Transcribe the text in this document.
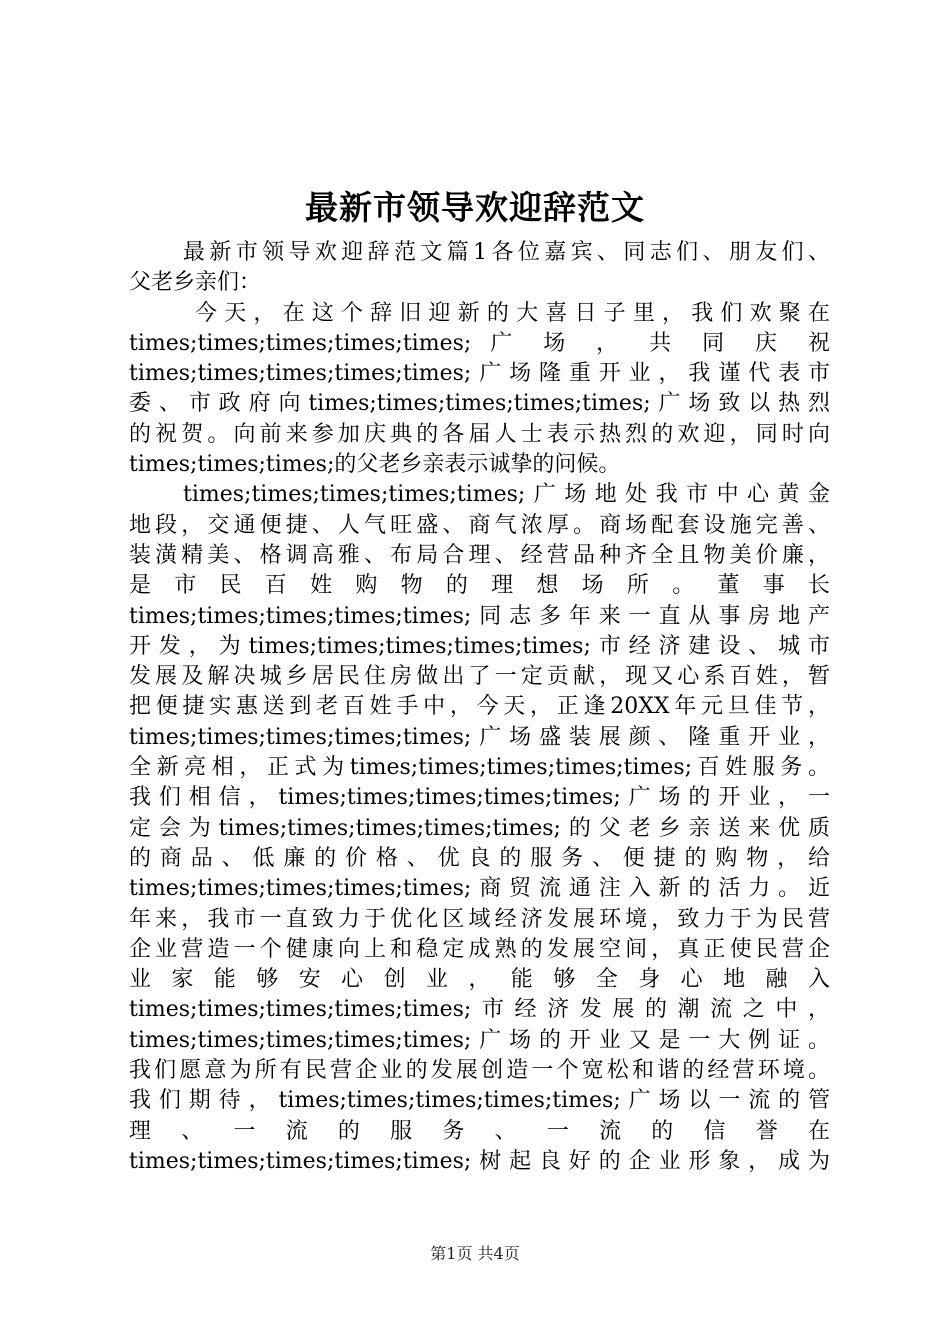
最新市领导欢迎辞范文
最新市领导欢迎辞范文篇1各位嘉宾、同志们、朋友们、
父老乡亲们：
今天，在这个辞旧迎新的大喜日子里，我们欢聚在
times;times;times;times;times; 广 场 ， 共 同 庆 祝
times;times;times;times;times;广场隆重开业，我谨代表市
委、市政府向times;times;times;times;times;广场致以热烈
的祝贺。向前来参加庆典的各届人士表示热烈的欢迎，同时向
times;times;times;的父老乡亲表示诚挚的问候。
times;times;times;times;times;广场地处我市中心黄金
地段，交通便捷、人气旺盛、商气浓厚。商场配套设施完善、
装潢精美、格调高雅、布局合理、经营品种齐全且物美价廉，
是 市 民 百 姓 购 物 的 理 想 场 所 。 董 事 长
times;times;times;times;times;同志多年来一直从事房地产
开发，为times;times;times;times;times;市经济建设、城市
发展及解决城乡居民住房做出了一定贡献，现又心系百姓，暂
把便捷实惠送到老百姓手中，今天，正逢20XX年元旦佳节，
times;times;times;times;times;广场盛装展颜、隆重开业，
全新亮相，正式为times;times;times;times;times;百姓服务。
我们相信，times;times;times;times;times;广场的开业，一
定会为times;times;times;times;times;的父老乡亲送来优质
的商品、低廉的价格、优良的服务、便捷的购物，给
times;times;times;times;times;商贸流通注入新的活力。近
年来，我市一直致力于优化区域经济发展环境，致力于为民营
企业营造一个健康向上和稳定成熟的发展空间，真正使民营企
业 家 能 够 安 心 创 业 ， 能 够 全 身 心 地 融 入
times;times;times;times;times;市经济发展的潮流之中，
times;times;times;times;times;广场的开业又是一大例证。
我们愿意为所有民营企业的发展创造一个宽松和谐的经营环境。
我们期待，times;times;times;times;times;广场以一流的管
理 、 一 流 的 服 务 、 一 流 的 信 誉 在
times;times;times;times;times;树起良好的企业形象，成为
第1页 共4页
